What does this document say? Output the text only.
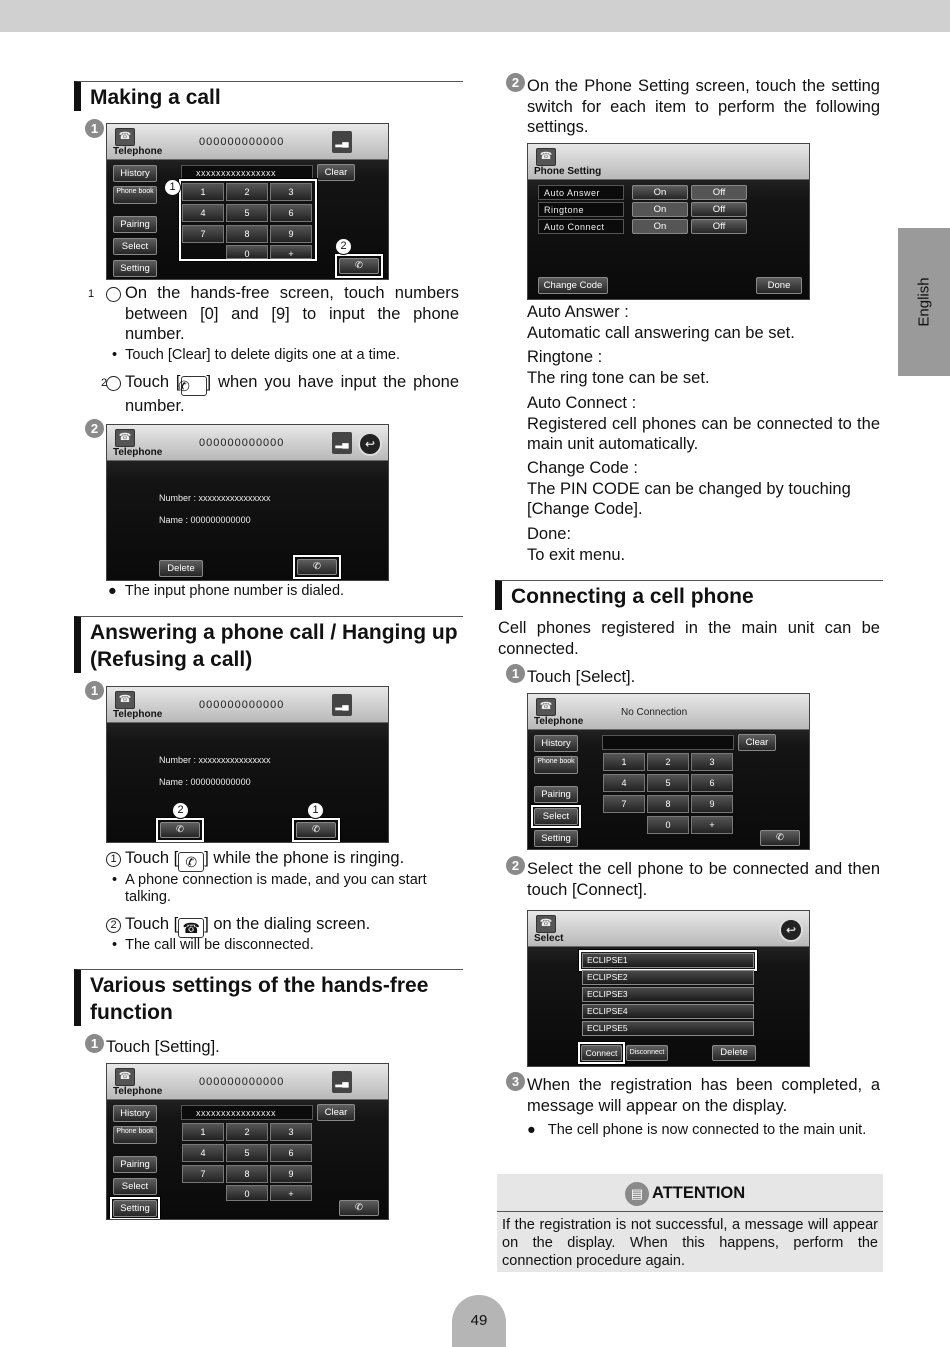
English
Making a call
1
☎
Telephone
000000000000	▂▄
History
Phone book
Pairing
Select
Setting
xxxxxxxxxxxxxxxx	Clear
1	2	3
4	5	6
7	8	9
0	+
✆
1
2
1 On the hands-free screen, touch numbers between [0] and [9] to input the phone number.
•  Touch [Clear] to delete digits one at a time.
2 Touch [✆ ] when you have input the phone number.
2
☎
Telephone
000000000000	▂▄	↩
Number : xxxxxxxxxxxxxxxx
Name : 000000000000
Delete	✆
●  The input phone number is dialed.
Answering a phone call / Hanging up (Refusing a call)
1
☎
Telephone
000000000000	▂▄
Number : xxxxxxxxxxxxxxxx
Name : 000000000000
✆	✆
2	1
1 Touch [ ✆ ] while the phone is ringing.
•  A phone connection is made, and you can start talking.
2 Touch [ ☎ ] on the dialing screen.
•  The call will be disconnected.
Various settings of the hands-free function
1 Touch [Setting].
☎
Telephone
000000000000	▂▄
History
Phone book
Pairing
Select
Setting
xxxxxxxxxxxxxxxx	Clear
1	2	3
4	5	6
7	8	9
0	+
✆
2 On the Phone Setting screen, touch the setting switch for each item to perform the following settings.
☎
Phone Setting
Auto Answer	On	Off
Ringtone	On	Off
Auto Connect	On	Off
Change Code	Done
Auto Answer :
Automatic call answering can be set.
Ringtone :
The ring tone can be set.
Auto Connect :
Registered cell phones can be connected to the main unit automatically.
Change Code :
The PIN CODE can be changed by touching [Change Code].
Done:
To exit menu.
Connecting a cell phone
Cell phones registered in the main unit can be connected.
1 Touch [Select].
☎
Telephone
No Connection
History
Phone book
Pairing
Select
Setting
Clear
1	2	3
4	5	6
7	8	9
0	+
✆
2 Select the cell phone to be connected and then touch [Connect].
☎
Select
↩
ECLIPSE1
ECLIPSE2
ECLIPSE3
ECLIPSE4
ECLIPSE5
Connect	Disconnect	Delete
3 When the registration has been completed, a message will appear on the display.
●   The cell phone is now connected to the main unit.
▤ ATTENTION
If the registration is not successful, a message will appear on the display. When this happens, perform the connection procedure again.
49
